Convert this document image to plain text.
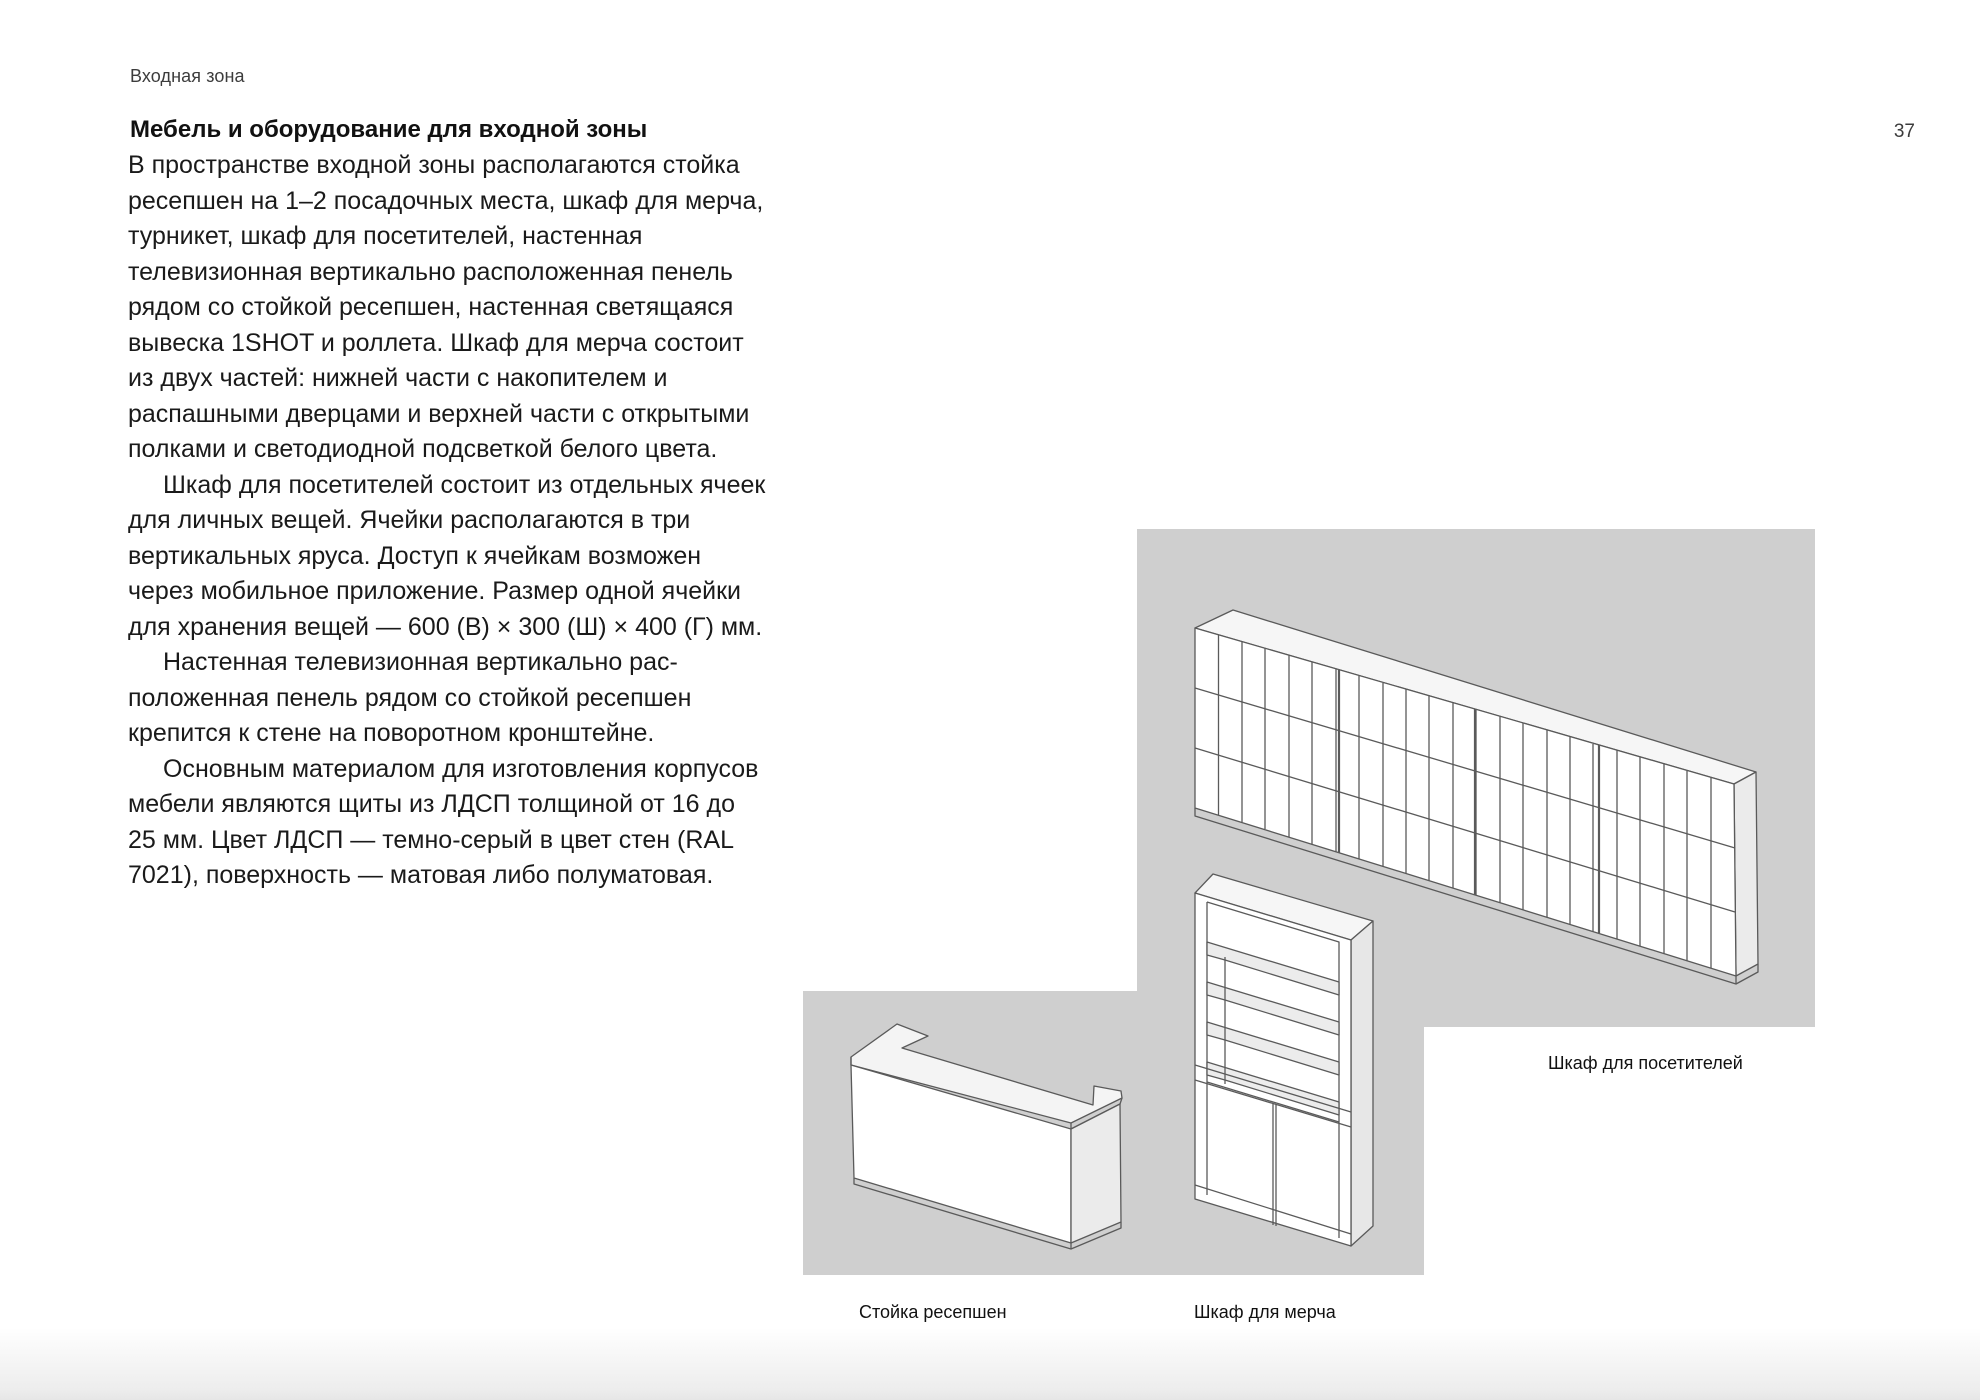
Входная зона
37
Мебель и оборудование для входной зоны

В пространстве входной зоны располагаются стойка ресепшен на 1–2 посадочных места, шкаф для мерча, турникет, шкаф для посетителей, настенная телевизионная вертикально расположенная пенель рядом со стойкой ресепшен, настенная светящаяся вывеска 1SHOT и роллета. Шкаф для мерча состоит из двух частей: нижней части с накопителем и распашными дверцами и верхней части с открытыми полками и светодиодной подсветкой белого цвета.

Шкаф для посетителей состоит из отдельных ячеек для личных вещей. Ячейки располагаются в три вертикальных яруса. Доступ к ячейкам возможен через мобильное приложение. Размер одной ячейки для хранения вещей — 600 (В) × 300 (Ш) × 400 (Г) мм.

Настенная телевизионная вертикально расположенная пенель рядом со стойкой ресепшен крепится к стене на поворотном кронштейне.

Основным материалом для изготовления корпусов мебели являются щиты из ЛДСП толщиной от 16 до 25 мм. Цвет ЛДСП — темно-серый в цвет стен (RAL 7021), поверхность — матовая либо полуматовая.

Шкаф для посетителей
Стойка ресепшен	Шкаф для мерча
